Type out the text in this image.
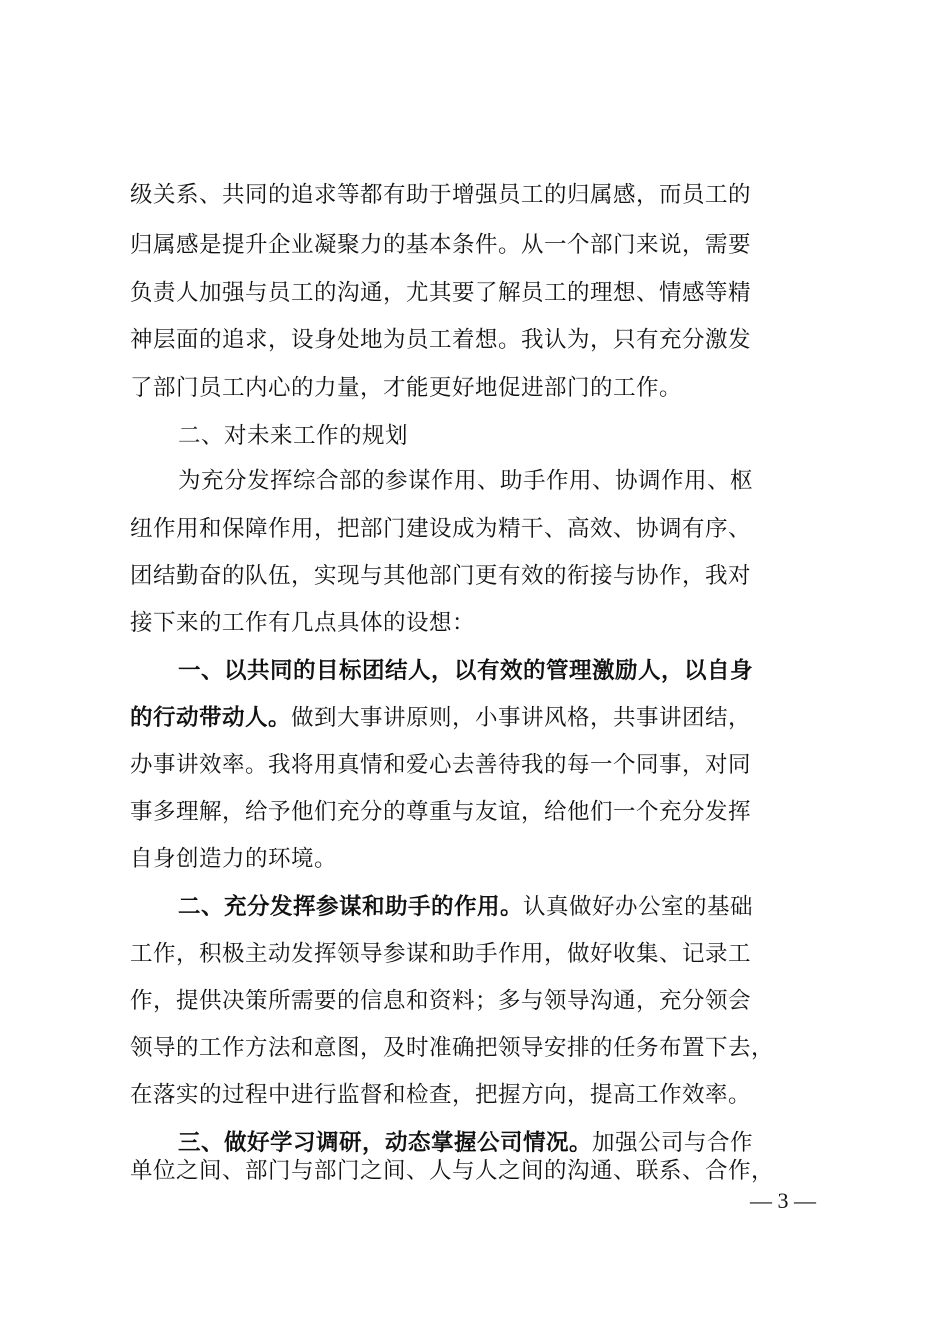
级关系、共同的追求等都有助于增强员工的归属感，而员工的
归属感是提升企业凝聚力的基本条件。从一个部门来说，需要
负责人加强与员工的沟通，尤其要了解员工的理想、情感等精
神层面的追求，设身处地为员工着想。我认为，只有充分激发
了部门员工内心的力量，才能更好地促进部门的工作。
二、对未来工作的规划
为充分发挥综合部的参谋作用、助手作用、协调作用、枢
纽作用和保障作用，把部门建设成为精干、高效、协调有序、
团结勤奋的队伍，实现与其他部门更有效的衔接与协作，我对
接下来的工作有几点具体的设想：
一、以共同的目标团结人，以有效的管理激励人，以自身
的行动带动人。做到大事讲原则，小事讲风格，共事讲团结，
办事讲效率。我将用真情和爱心去善待我的每一个同事，对同
事多理解，给予他们充分的尊重与友谊，给他们一个充分发挥
自身创造力的环境。
二、充分发挥参谋和助手的作用。认真做好办公室的基础
工作，积极主动发挥领导参谋和助手作用，做好收集、记录工
作，提供决策所需要的信息和资料；多与领导沟通，充分领会
领导的工作方法和意图，及时准确把领导安排的任务布置下去，
在落实的过程中进行监督和检查，把握方向，提高工作效率。
三、做好学习调研，动态掌握公司情况。加强公司与合作
单位之间、部门与部门之间、人与人之间的沟通、联系、合作，
— 3 —
